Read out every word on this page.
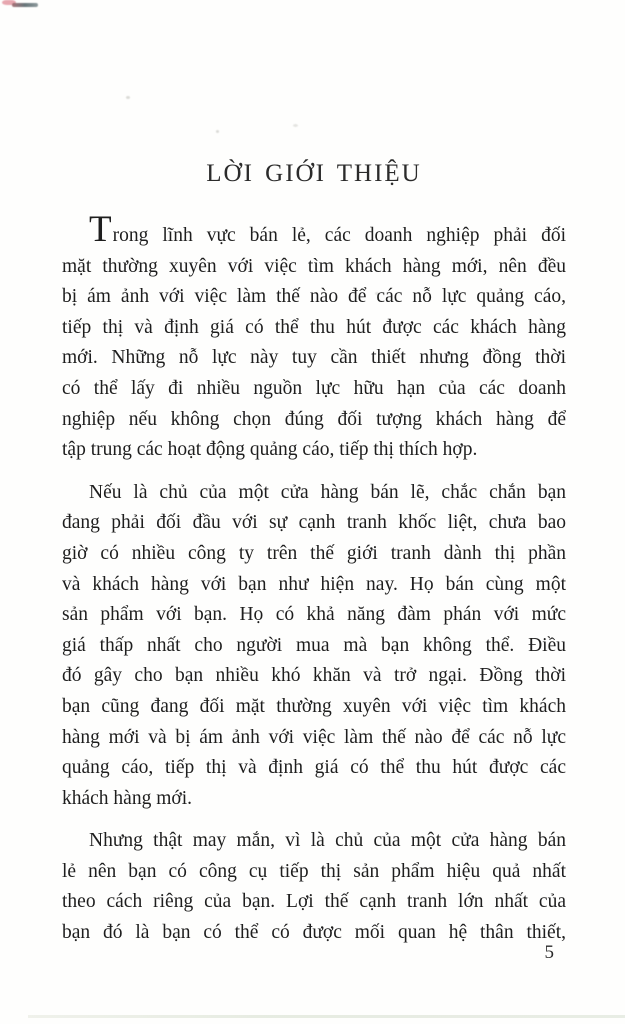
LỜI GIỚI THIỆU
Trong lĩnh vực bán lẻ, các doanh nghiệp phải đối
mặt thường xuyên với việc tìm khách hàng mới, nên đều
bị ám ảnh với việc làm thế nào để các nỗ lực quảng cáo,
tiếp thị và định giá có thể thu hút được các khách hàng
mới. Những nỗ lực này tuy cần thiết nhưng đồng thời
có thể lấy đi nhiều nguồn lực hữu hạn của các doanh
nghiệp nếu không chọn đúng đối tượng khách hàng để
tập trung các hoạt động quảng cáo, tiếp thị thích hợp.
Nếu là chủ của một cửa hàng bán lẽ, chắc chắn bạn
đang phải đối đầu với sự cạnh tranh khốc liệt, chưa bao
giờ có nhiều công ty trên thế giới tranh dành thị phần
và khách hàng với bạn như hiện nay. Họ bán cùng một
sản phẩm với bạn. Họ có khả năng đàm phán với mức
giá thấp nhất cho người mua mà bạn không thể. Điều
đó gây cho bạn nhiều khó khăn và trở ngại. Đồng thời
bạn cũng đang đối mặt thường xuyên với việc tìm khách
hàng mới và bị ám ảnh với việc làm thế nào để các nỗ lực
quảng cáo, tiếp thị và định giá có thể thu hút được các
khách hàng mới.
Nhưng thật may mắn, vì là chủ của một cửa hàng bán
lẻ nên bạn có công cụ tiếp thị sản phẩm hiệu quả nhất
theo cách riêng của bạn. Lợi thế cạnh tranh lớn nhất của
bạn đó là bạn có thể có được mối quan hệ thân thiết,
5
